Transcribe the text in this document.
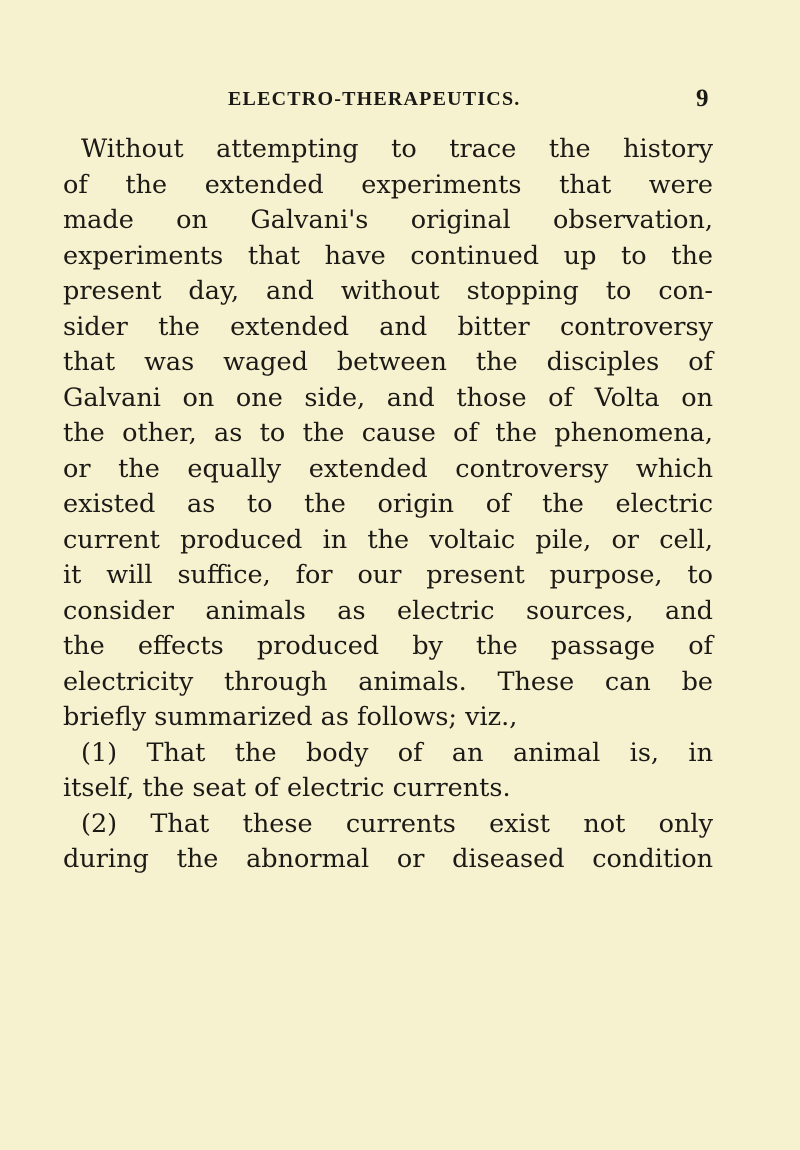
ELECTRO-THERAPEUTICS.	9
Without attempting to trace the history
of the extended experiments that were
made on Galvani's original observation,
experiments that have continued up to the
present day, and without stopping to con-
sider the extended and bitter controversy
that was waged between the disciples of
Galvani on one side, and those of Volta on
the other, as to the cause of the phenomena,
or the equally extended controversy which
existed as to the origin of the electric
current produced in the voltaic pile, or cell,
it will suffice, for our present purpose, to
consider animals as electric sources, and
the effects produced by the passage of
electricity through animals. These can be
briefly summarized as follows; viz.,
(1) That the body of an animal is, in
itself, the seat of electric currents.
(2) That these currents exist not only
during the abnormal or diseased condition
